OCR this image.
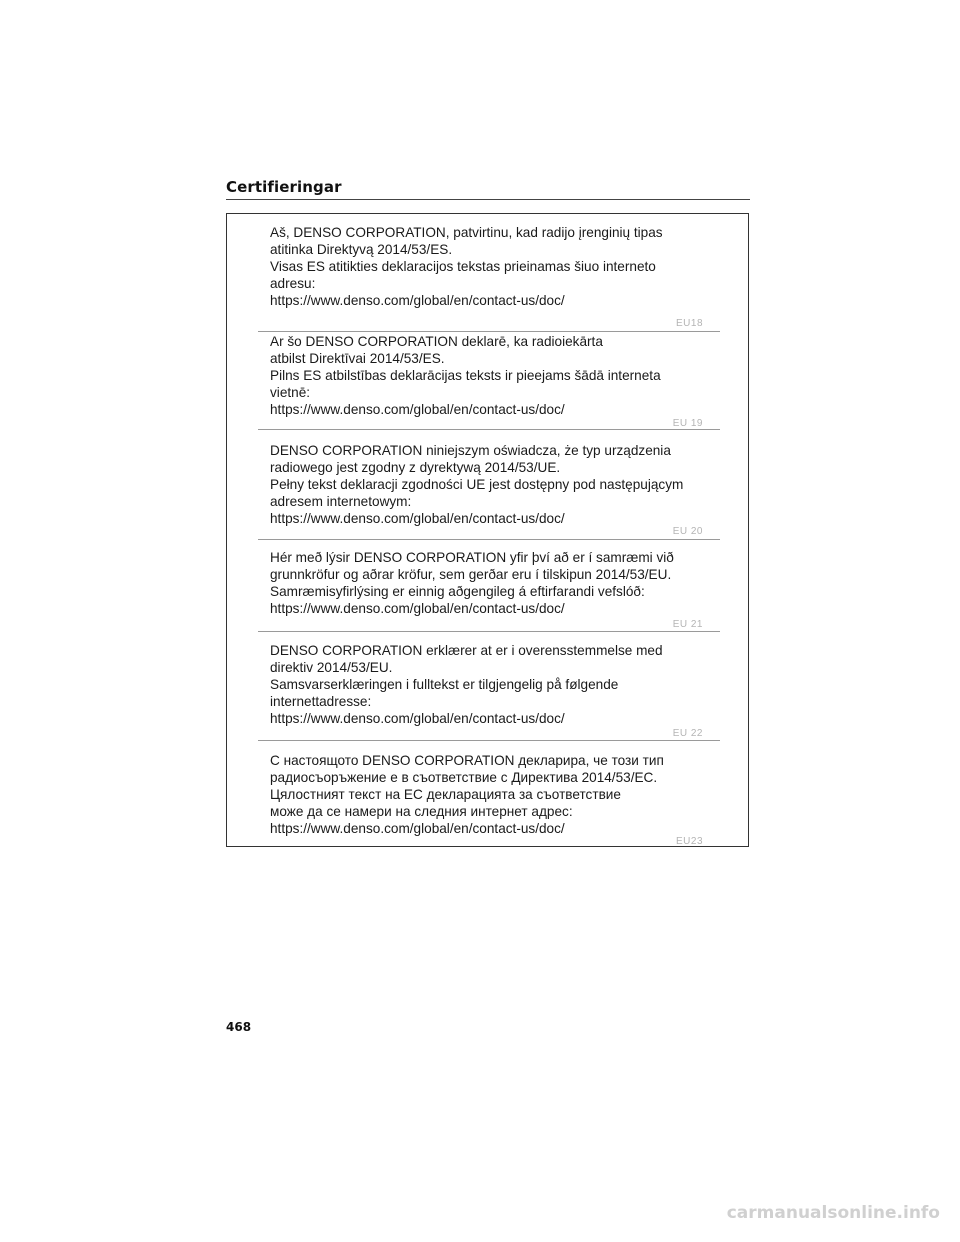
Certifieringar

Aš, DENSO CORPORATION, patvirtinu, kad radijo įrenginių tipas
atitinka Direktyvą 2014/53/ES.
Visas ES atitikties deklaracijos tekstas prieinamas šiuo interneto
adresu:
https://www.denso.com/global/en/contact-us/doc/

EU18

Ar šo DENSO CORPORATION deklarē, ka radioiekārta
atbilst Direktīvai 2014/53/ES.
Pilns ES atbilstības deklarācijas teksts ir pieejams šādā interneta
vietnē:
https://www.denso.com/global/en/contact-us/doc/

EU 19

DENSO CORPORATION niniejszym oświadcza, że typ urządzenia
radiowego jest zgodny z dyrektywą 2014/53/UE.
Pełny tekst deklaracji zgodności UE jest dostępny pod następującym
adresem internetowym:
https://www.denso.com/global/en/contact-us/doc/

EU 20

Hér með lýsir DENSO CORPORATION yfir því að er í samræmi við
grunnkröfur og aðrar kröfur, sem gerðar eru í tilskipun 2014/53/EU.
Samræmisyfirlýsing er einnig aðgengileg á eftirfarandi vefslóð:
https://www.denso.com/global/en/contact-us/doc/

EU 21

DENSO CORPORATION erklærer at er i overensstemmelse med
direktiv 2014/53/EU.
Samsvarserklæringen i fulltekst er tilgjengelig på følgende
internettadresse:
https://www.denso.com/global/en/contact-us/doc/

EU 22

С настоящото DENSO CORPORATION декларира, че този тип
радиосъоръжение е в съответствие с Директива 2014/53/ЕС.
Цялостният текст на ЕС декларацията за съответствие
може да се намери на следния интернет адрес:
https://www.denso.com/global/en/contact-us/doc/

EU23
468
carmanualsonline.info
